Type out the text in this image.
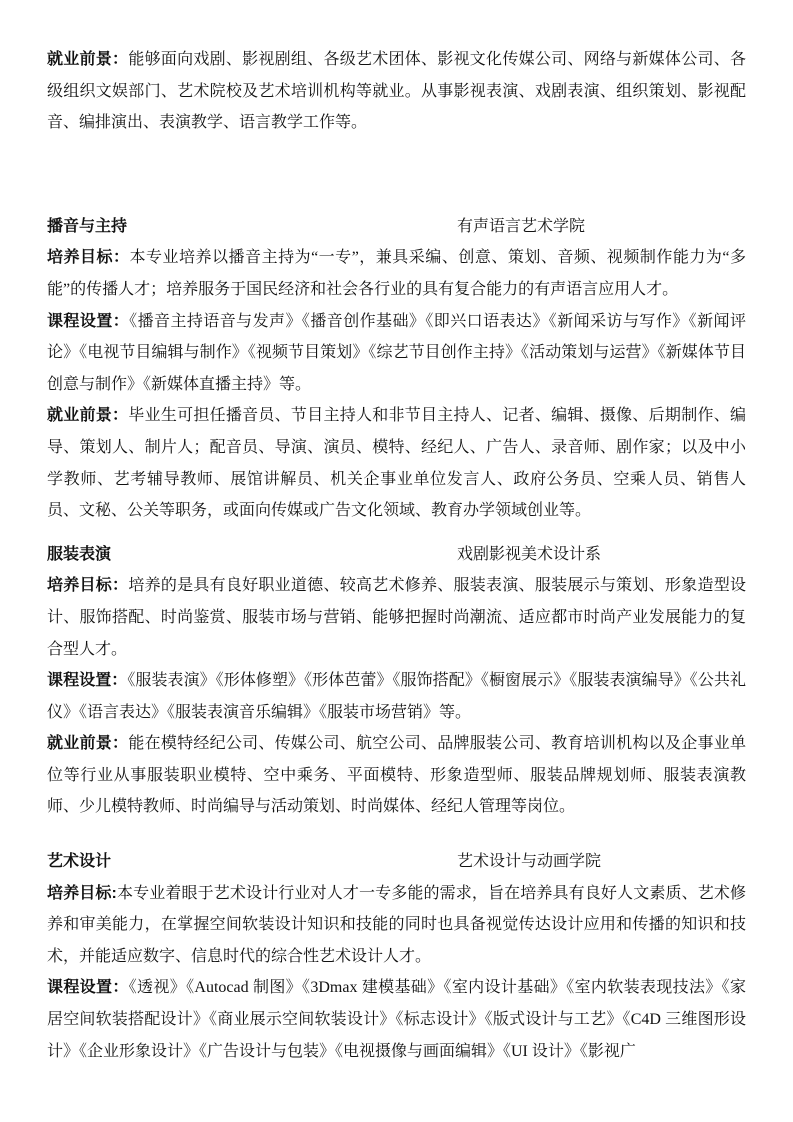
就业前景：能够面向戏剧、影视剧组、各级艺术团体、影视文化传媒公司、网络与新媒体公司、各级组织文娱部门、艺术院校及艺术培训机构等就业。从事影视表演、戏剧表演、组织策划、影视配音、编排演出、表演教学、语言教学工作等。

播音与主持	有声语言艺术学院

培养目标：本专业培养以播音主持为“一专”，兼具采编、创意、策划、音频、视频制作能力为“多能”的传播人才；培养服务于国民经济和社会各行业的具有复合能力的有声语言应用人才。

课程设置：《播音主持语音与发声》《播音创作基础》《即兴口语表达》《新闻采访与写作》《新闻评论》《电视节目编辑与制作》《视频节目策划》《综艺节目创作主持》《活动策划与运营》《新媒体节目创意与制作》《新媒体直播主持》等。

就业前景：毕业生可担任播音员、节目主持人和非节目主持人、记者、编辑、摄像、后期制作、编导、策划人、制片人；配音员、导演、演员、模特、经纪人、广告人、录音师、剧作家；以及中小学教师、艺考辅导教师、展馆讲解员、机关企事业单位发言人、政府公务员、空乘人员、销售人员、文秘、公关等职务，或面向传媒或广告文化领域、教育办学领域创业等。

服装表演	戏剧影视美术设计系

培养目标：培养的是具有良好职业道德、较高艺术修养、服装表演、服装展示与策划、形象造型设计、服饰搭配、时尚鉴赏、服装市场与营销、能够把握时尚潮流、适应都市时尚产业发展能力的复合型人才。

课程设置：《服装表演》《形体修塑》《形体芭蕾》《服饰搭配》《橱窗展示》《服装表演编导》《公共礼仪》《语言表达》《服装表演音乐编辑》《服装市场营销》等。

就业前景：能在模特经纪公司、传媒公司、航空公司、品牌服装公司、教育培训机构以及企事业单位等行业从事服装职业模特、空中乘务、平面模特、形象造型师、服装品牌规划师、服装表演教师、少儿模特教师、时尚编导与活动策划、时尚媒体、经纪人管理等岗位。

艺术设计	艺术设计与动画学院

培养目标:本专业着眼于艺术设计行业对人才一专多能的需求，旨在培养具有良好人文素质、艺术修养和审美能力，在掌握空间软装设计知识和技能的同时也具备视觉传达设计应用和传播的知识和技术，并能适应数字、信息时代的综合性艺术设计人才。

课程设置：《透视》《Autocad 制图》《3Dmax 建模基础》《室内设计基础》《室内软装表现技法》《家居空间软装搭配设计》《商业展示空间软装设计》《标志设计》《版式设计与工艺》《C4D 三维图形设计》《企业形象设计》《广告设计与包装》《电视摄像与画面编辑》《UI 设计》《影视广
